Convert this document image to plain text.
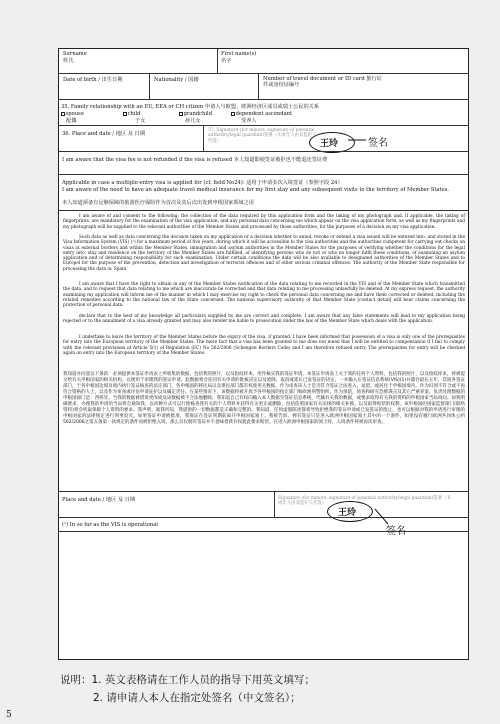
Surname
姓氏
First name(s)
名字
Date of birth / 出生日期	Nationality / 国籍	Number of travel document or ID card 旅行证件或身份证编号
35. Family relationship with an EU, EEA or CH citizen 申请人与欧盟、欧洲经济区成员或瑞士公民的关系
spouse	child	grandchild	dependent ascendant
配偶	子女	孙儿女	受养人
36. Place and date / 地区 及 日期
37. Signature (for minors, signature of parental authority/legal guardian)签署（未成年人由其监护人代签）	王玲
I am aware that the visa fee is not refunded if the visa is refused 本人知道即使签证被拒也不能退还签证费
Applicable in case a multiple-entry visa is applied for (cf. field No24): 适用于申请多次入境签证（参照字段 24）
I am aware of the need to have an adequate travel medical insurance for my first stay and any subsequent visits to the territory of Member States.
本人知道须备有足够保障的旅游医疗保险作为首次及其后次出发到申根国家领域之用
I am aware of and consent to the following: the collection of the data required by this application form and the taking of my photograph and, if applicable, the taking of fingerprints, are mandatory for the examination of the visa application; and any personal data concerning me which appear on the visa application form, as well as my fingerprints and my photograph will be supplied to the relevant authorities of the Member States and processed by those authorities, for the purposes of a decision on my visa application.
Such data as well as data concerning the decision taken on my application or a decision whether to annul, revoke or extend a visa issued will be entered into, and stored in the Visa Information System (VIS) (¹) for a maximum period of five years, during which it will be accessible to the visa authorities and the authorities competent for carrying out checks on visas at external borders and within the Member States, immigration and asylum authorities in the Member States for the purposes of verifying whether the conditions for the legal entry into, stay and residence on the territory of the Member States are fulfilled, of identifying persons who do not or who no longer fulfil these conditions, of examining an asylum application and of determining responsibility for such examination. Under certain conditions the data will be also available to designated authorities of the Member States and to Europol for the purpose of the prevention, detection and investigation of terrorist offences and of other serious criminal offences. The authority of the Member State responsible for processing the data is: Spain
I am aware that I have the right to obtain in any of the Member States notification of the data relating to me recorded in the VIS and of the Member State which transmitted the data, and to request that data relating to me which are inaccurate be corrected and that data relating to me processing unlawfully be deleted. At my express request, the authority examining my application will inform me of the manner in which I may exercise my right to check the personal data concerning me and have them corrected or deleted, including the related remedies according to the national law of the State concerned. The national supervisory authority of that Member State [contact detail] will hear claims concerning the protection of personal data.
declare that to the best of my knowledge all particulars supplied by me are correct and complete. I am aware that any false statements will lead to my application being rejected or to the annulment of a visa already granted and may also render me liable to prosecution under the law of the Member State which deals with the application.
I undertake to leave the territory of the Member States before the expiry of the visa, if granted. I have been informed that possession of a visa is only one of the prerequisites for entry into the European territory of the Member States. The mere fact that a visa has been granted to me does not mean that I will be entitled to compensation if I fail to comply with the relevant provisions of Article 5(1) of Regulation (EC) No 562/2006 (Schengen Borders Code) and I am therefore refused entry. The prerequisites for entry will be checked again on entry into the European territory of the Member States.
我知道并同意以下条款：必须提供本签证申请表上所收集的数据，包括我的照片，以及指纹样本，用作核实我的签证申请。本签证申请表上关于我的任何个人资料，包括我的照片，以及指纹样本，将被提交给有关申根国家的相关机构，以便用于审理我的签证申请。此数据将会连同有关申请的批核决定以及废除，取消或延长已发签证的决定，一并输入在签证信息系统(VIS)(1)并储存最长五年，其间各签证部门，于各申根国边境及境内执行签证核查的法定部门，各申根国的移民局以及难民部门都有权使用关数据，作为审查该人士是否符合签证合法进入，逗留，或居住于申根国境内，作为识别不符合或不再符合资格的人士，以及作为审查或评估申请庇护以及确定责任。在某些情况下，该数据将被开放予各申根国的指定部门和欧洲刑警组织，作为预防，侦查和研究恐怖袭击及其它严重罪案。负责处理数据的申根国部门是：西班牙。当我的数据被错误更改或及该数据被不合法地删除，我知道自己有权向输入本人数据至签证信息系统，代输有关我的数据，或要求取得有关我的资料的申根国家当局询问。如我明确要求，办理我的申请的当局将会通知我，以何种方式可以行使核查我有关的个人资料并获得有关更正或删除，包括依照国家有关法律的相关补救。以及取得赔偿的权利。该申根国的国家监督部门(联络资料)将会听取保障个人资料的要求。我声明，就我所知，我提供的一切数据都是正确和完整的。我知道，任何虚假陈述都将导致拒绝我的签证申请或已发签证的废止，也可以根据对我的申请进行审理的申根国家的法律规定进行刑事追究。如果签证申请被批准，我保证在签证到期前离开申根国家领土。我被告诉，拥有签证只是进入欧洲申根国家领土其中的一个条件，如果没有履行欧洲共同体公约562/2006之第五条第一款规定的条件而被拒绝入境，那么仅仅拥有签证并不意味着我有权就此要求赔偿。在进入欧洲申根国家的领土时，入境条件将被再次审查。
Place and date / 地区 及 日期	Signature (for minors, signature of parental authority/legal guardian)签署（未成年人由其监护人代签）
王玲
(¹) In so far as the VIS is operational
签名
签名
说明：1. 英文表格请在工作人员的指导下用英文填写；
2. 请申请人本人在指定处签名（中文签名）；
5
